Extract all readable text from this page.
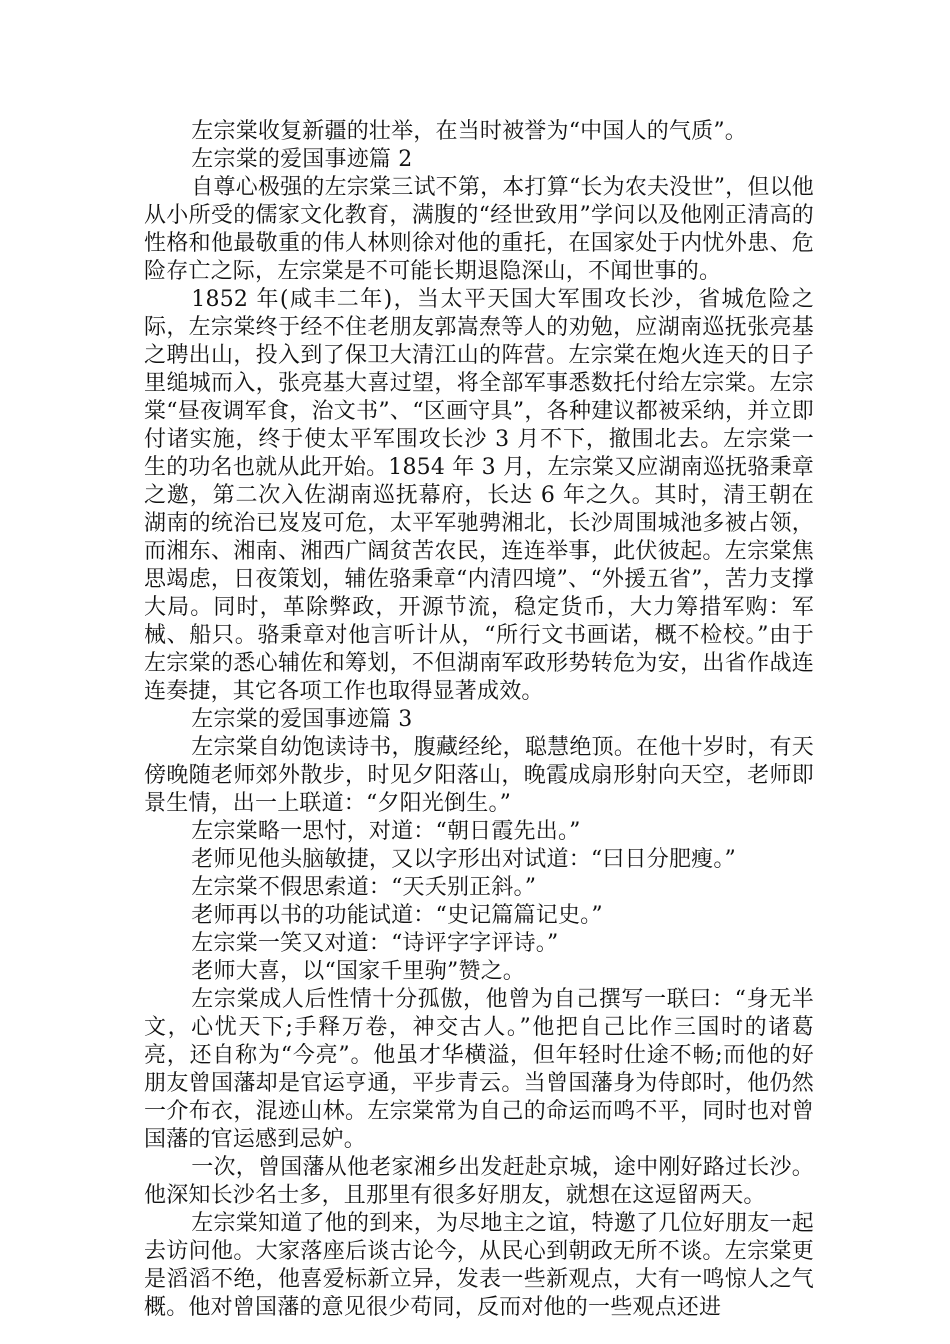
左宗棠收复新疆的壮举，在当时被誉为“中国人的气质”。

左宗棠的爱国事迹篇 2

自尊心极强的左宗棠三试不第，本打算“长为农夫没世”，但以他从小所受的儒家文化教育，满腹的“经世致用”学问以及他刚正清高的性格和他最敬重的伟人林则徐对他的重托，在国家处于内忧外患、危险存亡之际，左宗棠是不可能长期退隐深山，不闻世事的。

1852 年(咸丰二年)，当太平天国大军围攻长沙，省城危险之际，左宗棠终于经不住老朋友郭嵩焘等人的劝勉，应湖南巡抚张亮基之聘出山，投入到了保卫大清江山的阵营。左宗棠在炮火连天的日子里缒城而入，张亮基大喜过望，将全部军事悉数托付给左宗棠。左宗棠“昼夜调军食，治文书”、“区画守具”，各种建议都被采纳，并立即付诸实施，终于使太平军围攻长沙 3 月不下，撤围北去。左宗棠一生的功名也就从此开始。1854 年 3 月，左宗棠又应湖南巡抚骆秉章之邀，第二次入佐湖南巡抚幕府，长达 6 年之久。其时，清王朝在湖南的统治已岌岌可危，太平军驰骋湘北，长沙周围城池多被占领，而湘东、湘南、湘西广阔贫苦农民，连连举事，此伏彼起。左宗棠焦思竭虑，日夜策划，辅佐骆秉章“内清四境”、“外援五省”，苦力支撑大局。同时，革除弊政，开源节流，稳定货币，大力筹措军购：军械、船只。骆秉章对他言听计从，“所行文书画诺，概不检校。”由于左宗棠的悉心辅佐和筹划，不但湖南军政形势转危为安，出省作战连连奏捷，其它各项工作也取得显著成效。

左宗棠的爱国事迹篇 3

左宗棠自幼饱读诗书，腹藏经纶，聪慧绝顶。在他十岁时，有天傍晚随老师郊外散步，时见夕阳落山，晚霞成扇形射向天空，老师即景生情，出一上联道：“夕阳光倒生。”

左宗棠略一思忖，对道：“朝日霞先出。”

老师见他头脑敏捷，又以字形出对试道：“曰日分肥瘦。”

左宗棠不假思索道：“天夭别正斜。”

老师再以书的功能试道：“史记篇篇记史。”

左宗棠一笑又对道：“诗评字字评诗。”

老师大喜，以“国家千里驹”赞之。

左宗棠成人后性情十分孤傲，他曾为自己撰写一联曰：“身无半文，心忧天下;手释万卷，神交古人。”他把自己比作三国时的诸葛亮，还自称为“今亮”。他虽才华横溢，但年轻时仕途不畅;而他的好朋友曾国藩却是官运亨通，平步青云。当曾国藩身为侍郎时，他仍然一介布衣，混迹山林。左宗棠常为自己的命运而鸣不平，同时也对曾国藩的官运感到忌妒。

一次，曾国藩从他老家湘乡出发赶赴京城，途中刚好路过长沙。他深知长沙名士多，且那里有很多好朋友，就想在这逗留两天。

左宗棠知道了他的到来，为尽地主之谊，特邀了几位好朋友一起去访问他。大家落座后谈古论今，从民心到朝政无所不谈。左宗棠更是滔滔不绝，他喜爱标新立异，发表一些新观点，大有一鸣惊人之气概。他对曾国藩的意见很少苟同，反而对他的一些观点还进
